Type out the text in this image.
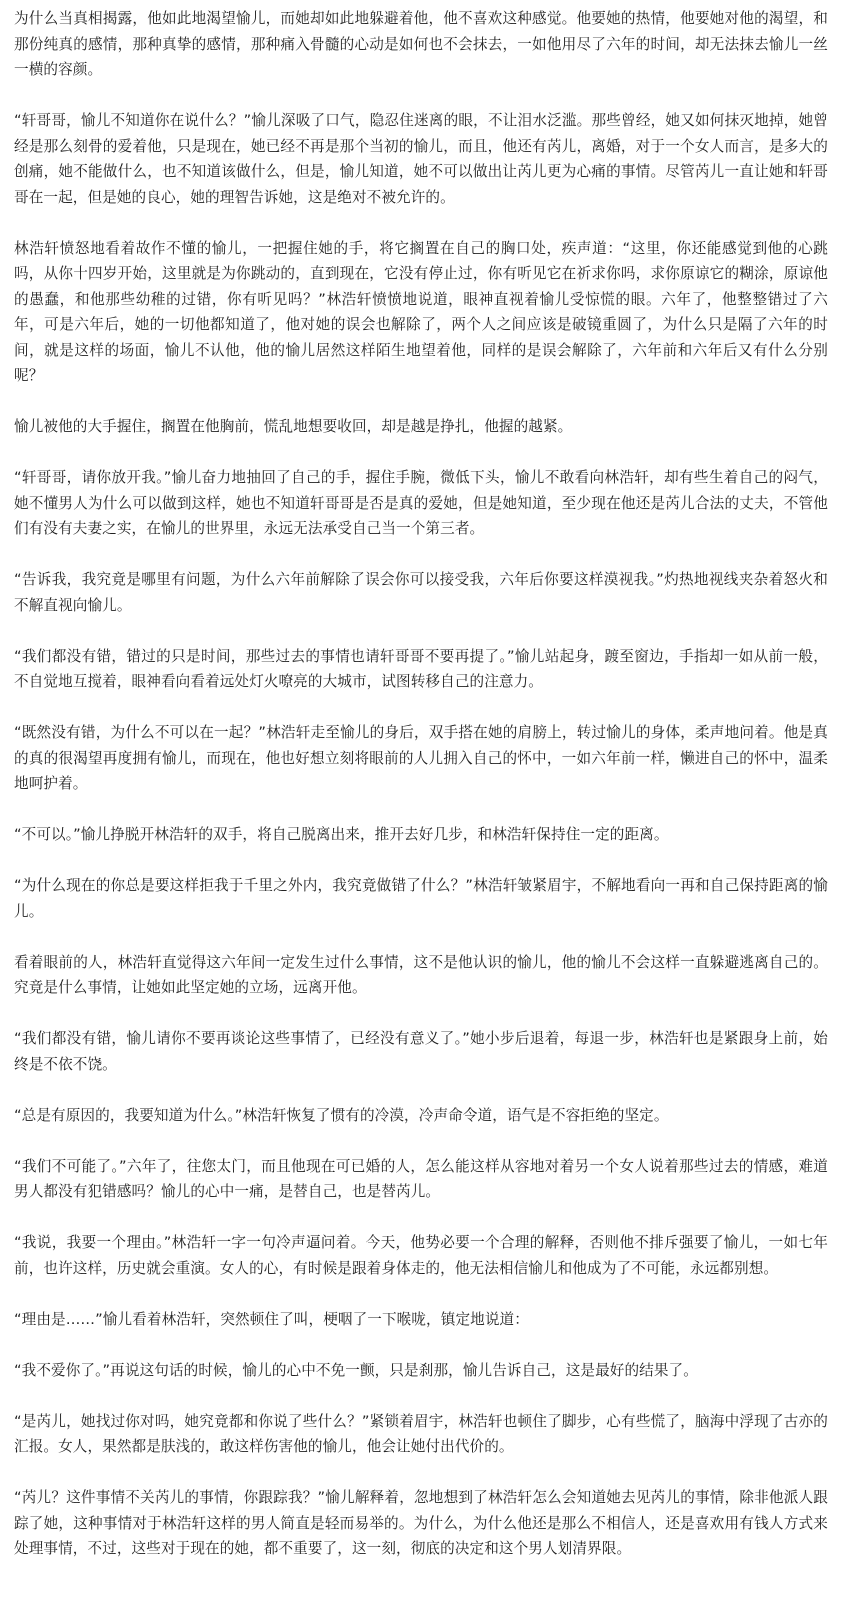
为什么当真相揭露，他如此地渴望愉儿，而她却如此地躲避着他，他不喜欢这种感觉。他要她的热情，他要她对他的渴望，和那份纯真的感情，那种真挚的感情，那种痛入骨髓的心动是如何也不会抹去，一如他用尽了六年的时间，却无法抹去愉儿一丝一横的容颜。

“轩哥哥，愉儿不知道你在说什么？”愉儿深吸了口气，隐忍住迷离的眼，不让泪水泛滥。那些曾经，她又如何抹灭地掉，她曾经是那么刻骨的爱着他，只是现在，她已经不再是那个当初的愉儿，而且，他还有芮儿，离婚，对于一个女人而言，是多大的创痛，她不能做什么，也不知道该做什么，但是，愉儿知道，她不可以做出让芮儿更为心痛的事情。尽管芮儿一直让她和轩哥哥在一起，但是她的良心，她的理智告诉她，这是绝对不被允许的。

林浩轩愤怒地看着故作不懂的愉儿，一把握住她的手，将它搁置在自己的胸口处，疾声道：“这里，你还能感觉到他的心跳吗，从你十四岁开始，这里就是为你跳动的，直到现在，它没有停止过，你有听见它在祈求你吗，求你原谅它的糊涂，原谅他的愚蠢，和他那些幼稚的过错，你有听见吗？”林浩轩愤愤地说道，眼神直视着愉儿受惊慌的眼。六年了，他整整错过了六年，可是六年后，她的一切他都知道了，他对她的误会也解除了，两个人之间应该是破镜重圆了，为什么只是隔了六年的时间，就是这样的场面，愉儿不认他，他的愉儿居然这样陌生地望着他，同样的是误会解除了，六年前和六年后又有什么分别呢？

愉儿被他的大手握住，搁置在他胸前，慌乱地想要收回，却是越是挣扎，他握的越紧。

“轩哥哥，请你放开我。”愉儿奋力地抽回了自己的手，握住手腕，微低下头，愉儿不敢看向林浩轩，却有些生着自己的闷气，她不懂男人为什么可以做到这样，她也不知道轩哥哥是否是真的爱她，但是她知道，至少现在他还是芮儿合法的丈夫，不管他们有没有夫妻之实，在愉儿的世界里，永远无法承受自己当一个第三者。

“告诉我，我究竟是哪里有问题，为什么六年前解除了误会你可以接受我，六年后你要这样漠视我。”灼热地视线夹杂着怒火和不解直视向愉儿。

“我们都没有错，错过的只是时间，那些过去的事情也请轩哥哥不要再提了。”愉儿站起身，踱至窗边，手指却一如从前一般，不自觉地互搅着，眼神看向看着远处灯火嘹亮的大城市，试图转移自己的注意力。

“既然没有错，为什么不可以在一起？”林浩轩走至愉儿的身后，双手搭在她的肩膀上，转过愉儿的身体，柔声地问着。他是真的真的很渴望再度拥有愉儿，而现在，他也好想立刻将眼前的人儿拥入自己的怀中，一如六年前一样，懒进自己的怀中，温柔地呵护着。

“不可以。”愉儿挣脱开林浩轩的双手，将自己脱离出来，推开去好几步，和林浩轩保持住一定的距离。

“为什么现在的你总是要这样拒我于千里之外内，我究竟做错了什么？”林浩轩皱紧眉宇，不解地看向一再和自己保持距离的愉儿。

看着眼前的人，林浩轩直觉得这六年间一定发生过什么事情，这不是他认识的愉儿，他的愉儿不会这样一直躲避逃离自己的。究竟是什么事情，让她如此坚定她的立场，远离开他。

“我们都没有错，愉儿请你不要再谈论这些事情了，已经没有意义了。”她小步后退着，每退一步，林浩轩也是紧跟身上前，始终是不依不饶。

“总是有原因的，我要知道为什么。”林浩轩恢复了惯有的冷漠，冷声命令道，语气是不容拒绝的坚定。

“我们不可能了。”六年了，往您太门，而且他现在可已婚的人，怎么能这样从容地对着另一个女人说着那些过去的情感，难道男人都没有犯错感吗？愉儿的心中一痛，是替自己，也是替芮儿。

“我说，我要一个理由。”林浩轩一字一句冷声逼问着。今天，他势必要一个合理的解释，否则他不排斥强要了愉儿，一如七年前，也许这样，历史就会重演。女人的心，有时候是跟着身体走的，他无法相信愉儿和他成为了不可能，永远都别想。

“理由是……”愉儿看着林浩轩，突然顿住了叫，梗咽了一下喉咙，镇定地说道：

“我不爱你了。”再说这句话的时候，愉儿的心中不免一颤，只是刹那，愉儿告诉自己，这是最好的结果了。

“是芮儿，她找过你对吗，她究竟都和你说了些什么？”紧锁着眉宇，林浩轩也顿住了脚步，心有些慌了，脑海中浮现了古亦的汇报。女人，果然都是肤浅的，敢这样伤害他的愉儿，他会让她付出代价的。

“芮儿？这件事情不关芮儿的事情，你跟踪我？”愉儿解释着，忽地想到了林浩轩怎么会知道她去见芮儿的事情，除非他派人跟踪了她，这种事情对于林浩轩这样的男人简直是轻而易举的。为什么，为什么他还是那么不相信人，还是喜欢用有钱人方式来处理事情，不过，这些对于现在的她，都不重要了，这一刻，彻底的决定和这个男人划清界限。
